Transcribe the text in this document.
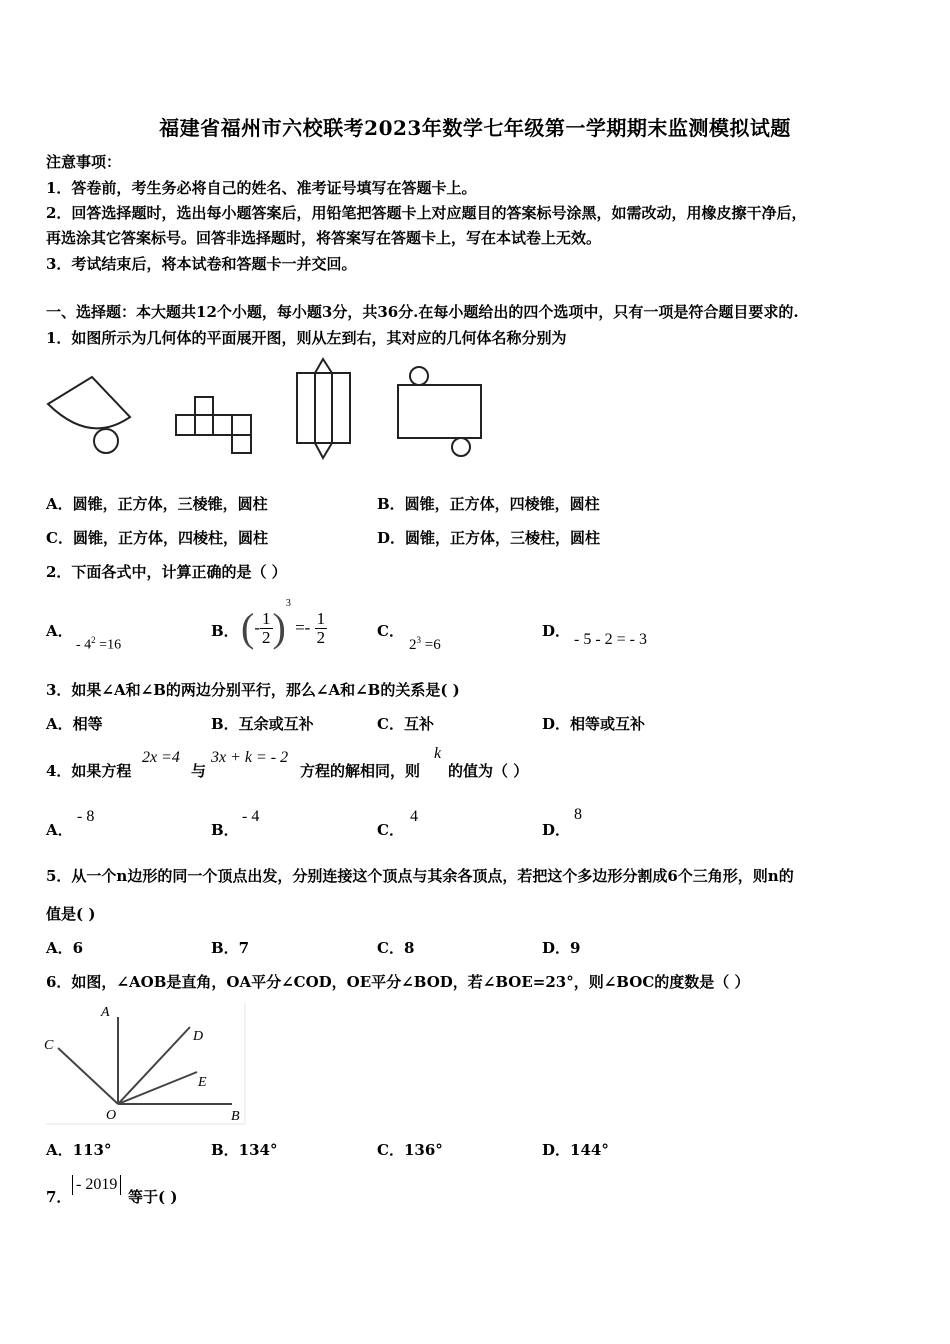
福建省福州市六校联考2023年数学七年级第一学期期末监测模拟试题
注意事项：
1．答卷前，考生务必将自己的姓名、准考证号填写在答题卡上。
2．回答选择题时，选出每小题答案后，用铅笔把答题卡上对应题目的答案标号涂黑，如需改动，用橡皮擦干净后，
再选涂其它答案标号。回答非选择题时，将答案写在答题卡上，写在本试卷上无效。
3．考试结束后，将本试卷和答题卡一并交回。
一、选择题：本大题共12个小题，每小题3分，共36分.在每小题给出的四个选项中，只有一项是符合题目要求的.
1．如图所示为几何体的平面展开图，则从左到右，其对应的几何体名称分别为
A．圆锥，正方体，三棱锥，圆柱	B．圆锥，正方体，四棱锥，圆柱
C．圆锥，正方体，四棱柱，圆柱	D．圆锥，正方体，三棱柱，圆柱
2．下面各式中，计算正确的是（ ）
A．
- $4^2 =16$
B． (- $\frac{1}{2} )^3 =- \frac{1}{2}$	C．
$2^3 =6$
D． - 5 - 2 = - 3
3．如果∠A和∠B的两边分别平行，那么∠A和∠B的关系是( )
A．相等	B．互余或互补	C．互补	D．相等或互补
4．如果方程
2x =4
与
3x + k = - 2
方程的解相同，则
k
的值为（ ）
A．
- 8
B．
- 4
C．
4
D．
8
5．从一个n边形的同一个顶点出发，分别连接这个顶点与其余各顶点，若把这个多边形分割成6个三角形，则n的
值是( )
A．6	B．7	C．8	D．9
6．如图，∠AOB是直角，OA平分∠COD，OE平分∠BOD，若∠BOE=23°，则∠BOC的度数是（ ）
A
C
D
E
O	B
A．113°	B．134°	C．136°	D．144°
7．
- 2019
等于( )
